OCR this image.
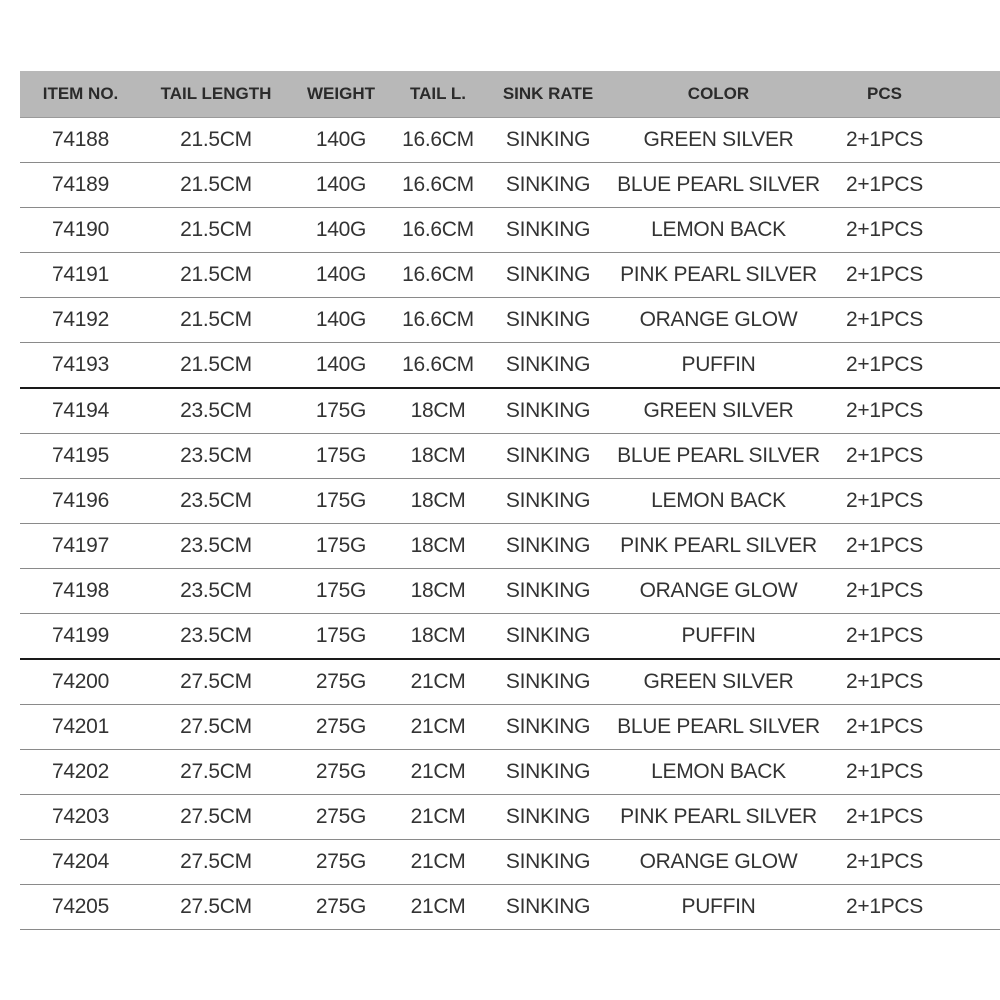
ITEM NO.	TAIL LENGTH	WEIGHT	TAIL L.	SINK RATE	COLOR	PCS	
74188	21.5CM	140G	16.6CM	SINKING	GREEN SILVER	2+1PCS	
74189	21.5CM	140G	16.6CM	SINKING	BLUE PEARL SILVER	2+1PCS	
74190	21.5CM	140G	16.6CM	SINKING	LEMON BACK	2+1PCS	
74191	21.5CM	140G	16.6CM	SINKING	PINK PEARL SILVER	2+1PCS	
74192	21.5CM	140G	16.6CM	SINKING	ORANGE GLOW	2+1PCS	
74193	21.5CM	140G	16.6CM	SINKING	PUFFIN	2+1PCS	
74194	23.5CM	175G	18CM	SINKING	GREEN SILVER	2+1PCS	
74195	23.5CM	175G	18CM	SINKING	BLUE PEARL SILVER	2+1PCS	
74196	23.5CM	175G	18CM	SINKING	LEMON BACK	2+1PCS	
74197	23.5CM	175G	18CM	SINKING	PINK PEARL SILVER	2+1PCS	
74198	23.5CM	175G	18CM	SINKING	ORANGE GLOW	2+1PCS	
74199	23.5CM	175G	18CM	SINKING	PUFFIN	2+1PCS	
74200	27.5CM	275G	21CM	SINKING	GREEN SILVER	2+1PCS	
74201	27.5CM	275G	21CM	SINKING	BLUE PEARL SILVER	2+1PCS	
74202	27.5CM	275G	21CM	SINKING	LEMON BACK	2+1PCS	
74203	27.5CM	275G	21CM	SINKING	PINK PEARL SILVER	2+1PCS	
74204	27.5CM	275G	21CM	SINKING	ORANGE GLOW	2+1PCS	
74205	27.5CM	275G	21CM	SINKING	PUFFIN	2+1PCS	
